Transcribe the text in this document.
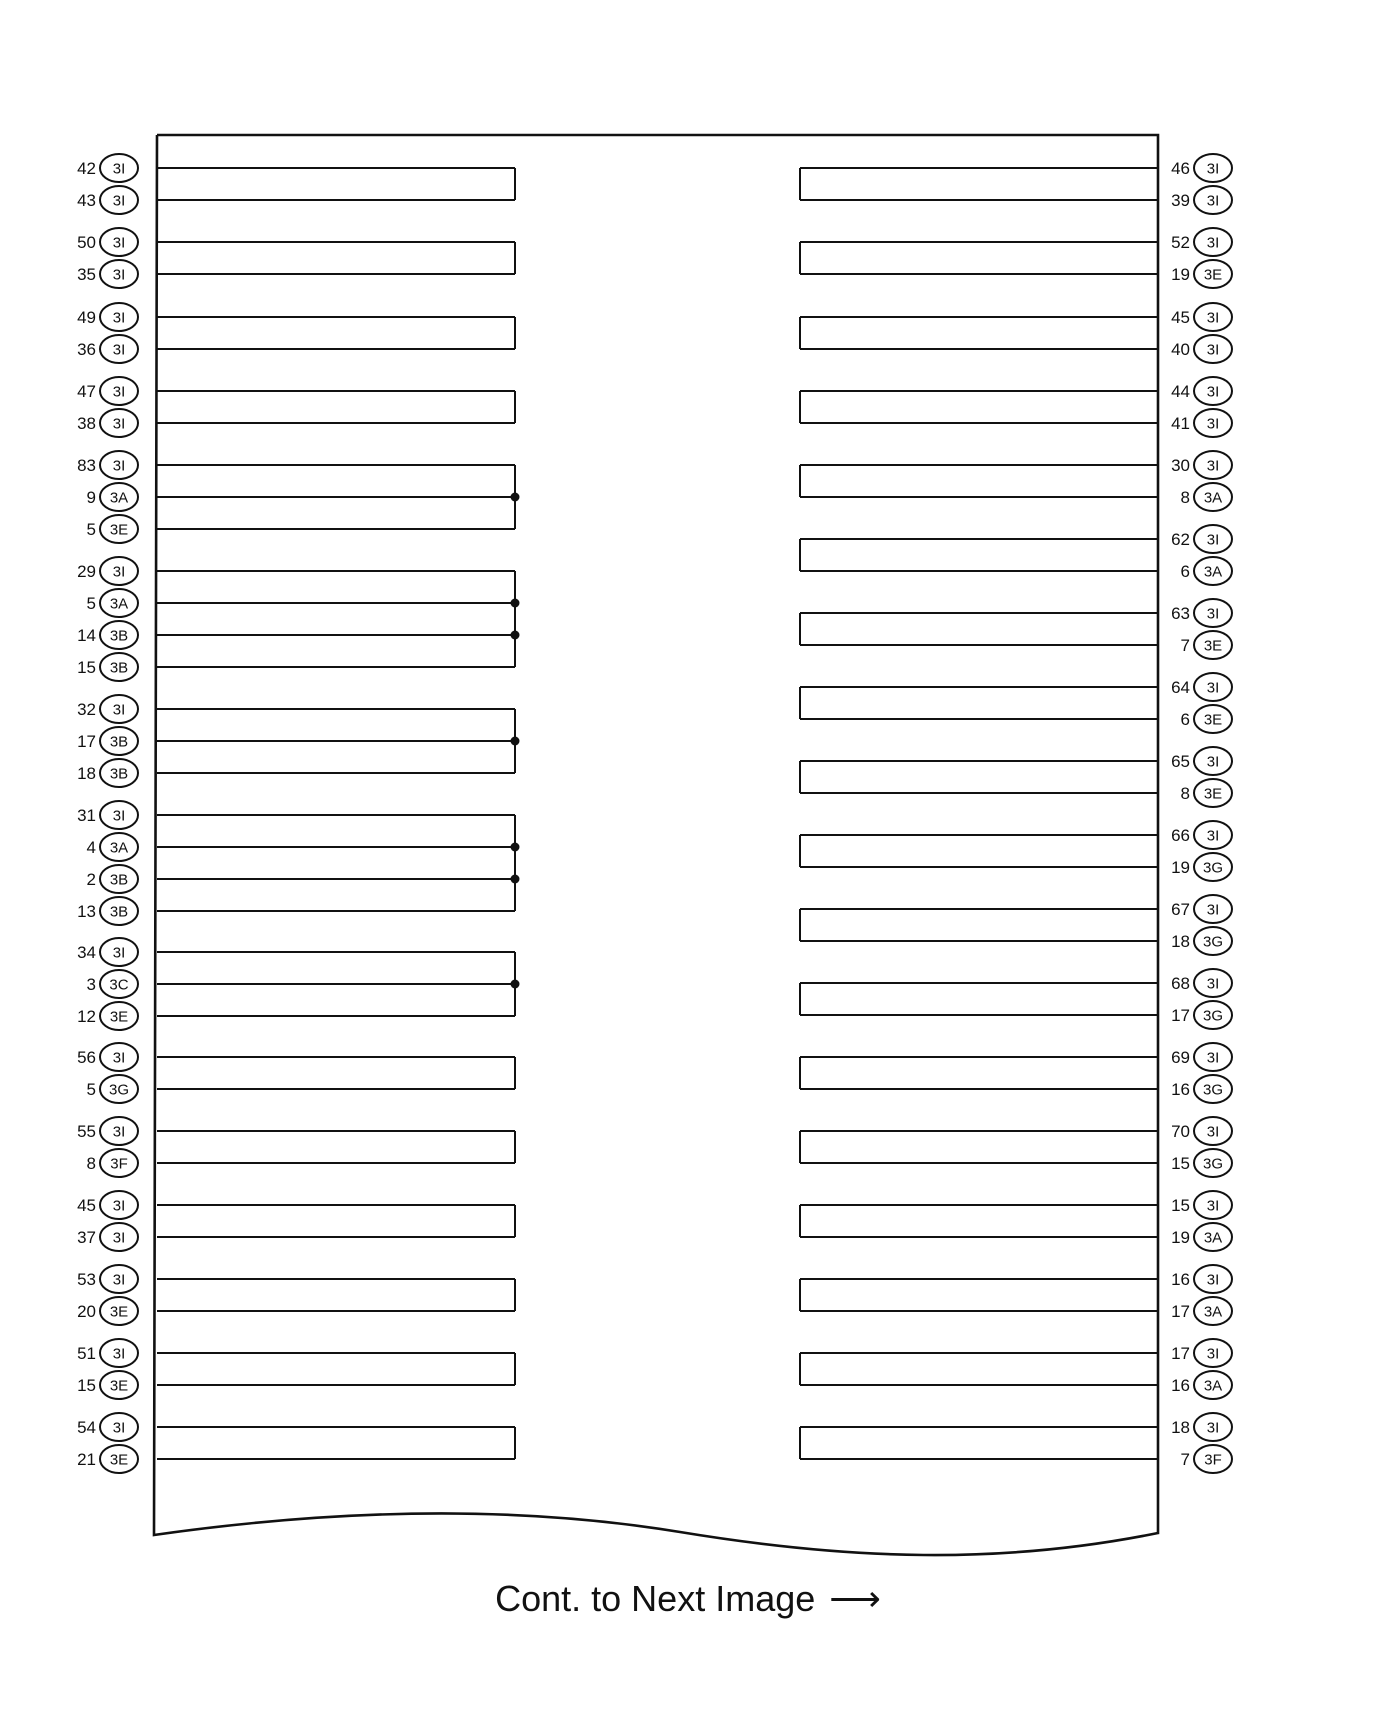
42 3I
43 3I
50 3I
35 3I
49 3I
36 3I
47 3I
38 3I
83 3I
9 3A
5 3E
29 3I
5 3A
14 3B
15 3B
32 3I
17 3B
18 3B
31 3I
4 3A
2 3B
13 3B
34 3I
3 3C
12 3E
56 3I
5 3G
55 3I
8 3F
45 3I
37 3I
53 3I
20 3E
51 3I
15 3E
54 3I
21 3E
46 3I
39 3I
52 3I
19 3E
45 3I
40 3I
44 3I
41 3I
30 3I
8 3A
62 3I
6 3A
63 3I
7 3E
64 3I
6 3E
65 3I
8 3E
66 3I
19 3G
67 3I
18 3G
68 3I
17 3G
69 3I
16 3G
70 3I
15 3G
15 3I
19 3A
16 3I
17 3A
17 3I
16 3A
18 3I
7 3F
Cont. to Next Image ⟶
